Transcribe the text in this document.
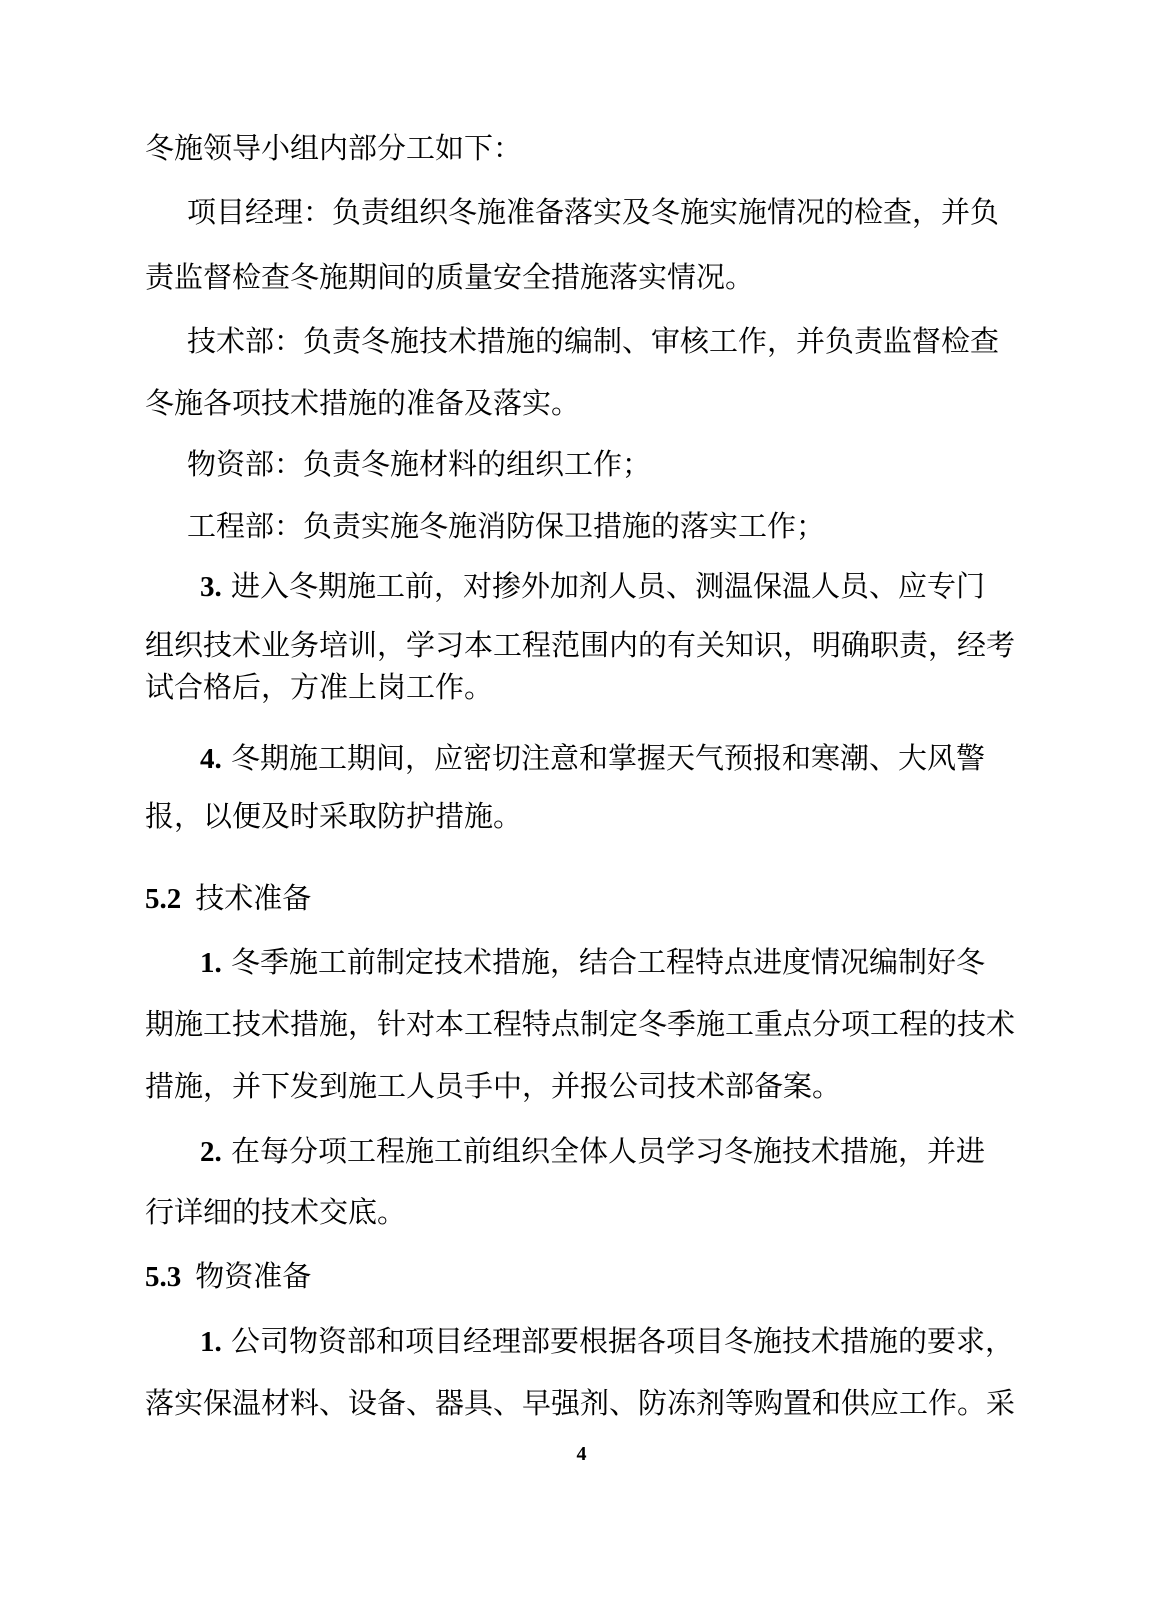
冬施领导小组内部分工如下：
项目经理：负责组织冬施准备落实及冬施实施情况的检查，并负
责监督检查冬施期间的质量安全措施落实情况。
技术部：负责冬施技术措施的编制、审核工作，并负责监督检查
冬施各项技术措施的准备及落实。
物资部：负责冬施材料的组织工作；
工程部：负责实施冬施消防保卫措施的落实工作；
3. 进入冬期施工前，对掺外加剂人员、测温保温人员、应专门
组织技术业务培训，学习本工程范围内的有关知识，明确职责，经考
试合格后，方准上岗工作。
4. 冬期施工期间，应密切注意和掌握天气预报和寒潮、大风警
报，以便及时采取防护措施。
5.2 技术准备
1. 冬季施工前制定技术措施，结合工程特点进度情况编制好冬
期施工技术措施，针对本工程特点制定冬季施工重点分项工程的技术
措施，并下发到施工人员手中，并报公司技术部备案。
2. 在每分项工程施工前组织全体人员学习冬施技术措施，并进
行详细的技术交底。
5.3 物资准备
1. 公司物资部和项目经理部要根据各项目冬施技术措施的要求，
落实保温材料、设备、器具、早强剂、防冻剂等购置和供应工作。采
4
